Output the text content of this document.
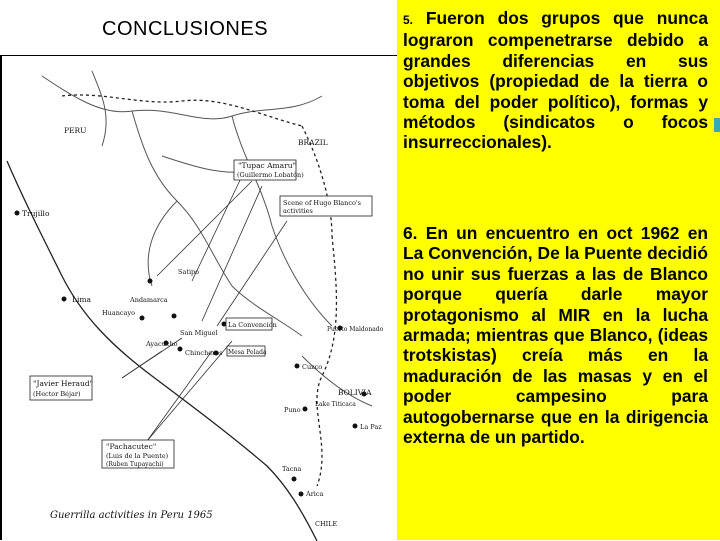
CONCLUSIONES
PERU
BRAZIL
"Tupac Amaru"
(Guillermo Lobatón)
Scene of Hugo Blanco's
activities
Trujillo
Satipo
Andamarca
Lima
Huancayo
San Miguel
La Convención
Puerto Maldonado
Ayacucho
Chincheros Mesa Pelada
Cuzco
"Javier Heraud"
(Hector Béjar)	BOLIVIA
Lake Titicaca
Puno
La Paz
"Pachacutec"
(Luis de la Puente)
(Ruben Tupayachi)
Tacna
Arica
CHILE
Guerrilla activities in Peru 1965
5. Fueron dos grupos que nunca lograron compenetrarse debido a grandes diferencias en sus objetivos (propiedad de la tierra o toma del poder político), formas y métodos (sindicatos o focos insurreccionales).
6. En un encuentro en oct 1962 en La Convención, De la Puente decidió no unir sus fuerzas a las de Blanco porque quería darle mayor protagonismo al MIR en la lucha armada; mientras que Blanco, (ideas trotskistas) creía más en la maduración de las masas y en el poder campesino para autogobernarse que en la dirigencia externa de un partido.
